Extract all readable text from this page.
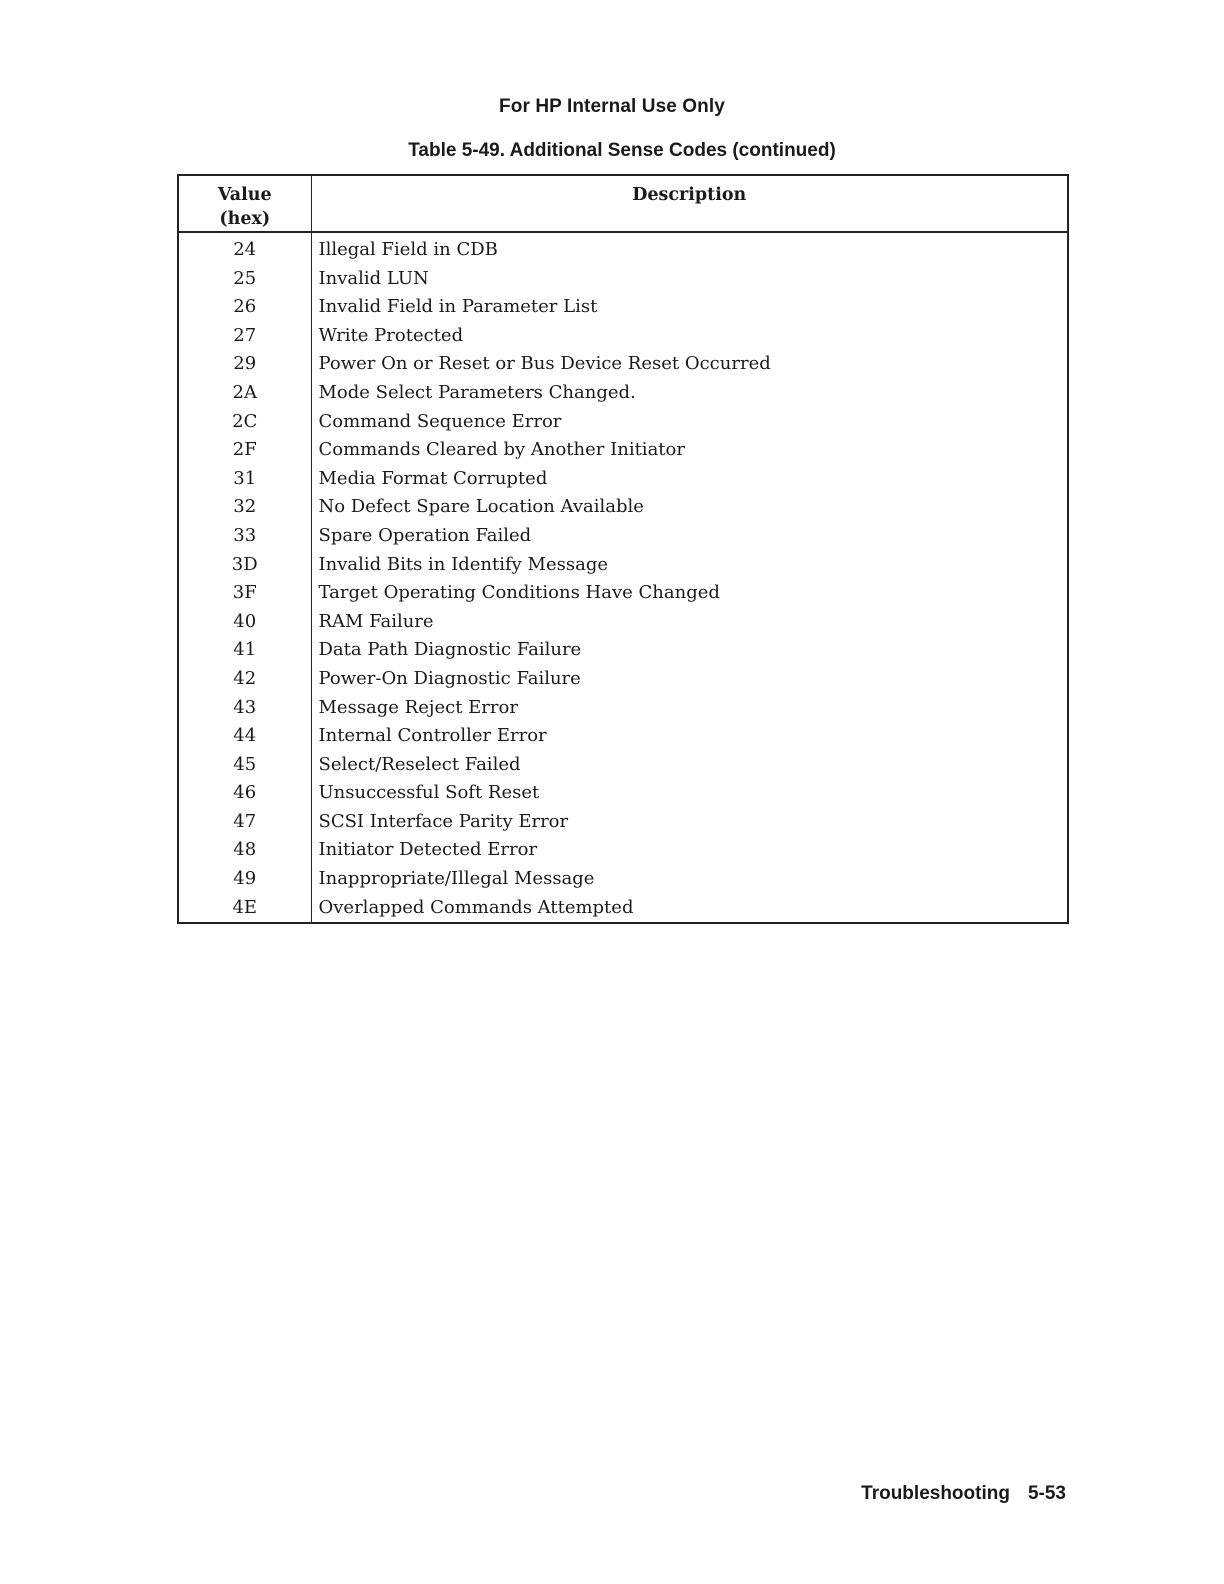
For HP Internal Use Only
Table 5-49. Additional Sense Codes (continued)
Value
(hex)	Description
24	Illegal Field in CDB
25	Invalid LUN
26	Invalid Field in Parameter List
27	Write Protected
29	Power On or Reset or Bus Device Reset Occurred
2A	Mode Select Parameters Changed.
2C	Command Sequence Error
2F	Commands Cleared by Another Initiator
31	Media Format Corrupted
32	No Defect Spare Location Available
33	Spare Operation Failed
3D	Invalid Bits in Identify Message
3F	Target Operating Conditions Have Changed
40	RAM Failure
41	Data Path Diagnostic Failure
42	Power-On Diagnostic Failure
43	Message Reject Error
44	Internal Controller Error
45	Select/Reselect Failed
46	Unsuccessful Soft Reset
47	SCSI Interface Parity Error
48	Initiator Detected Error
49	Inappropriate/Illegal Message
4E	Overlapped Commands Attempted
Troubleshooting 5-53
